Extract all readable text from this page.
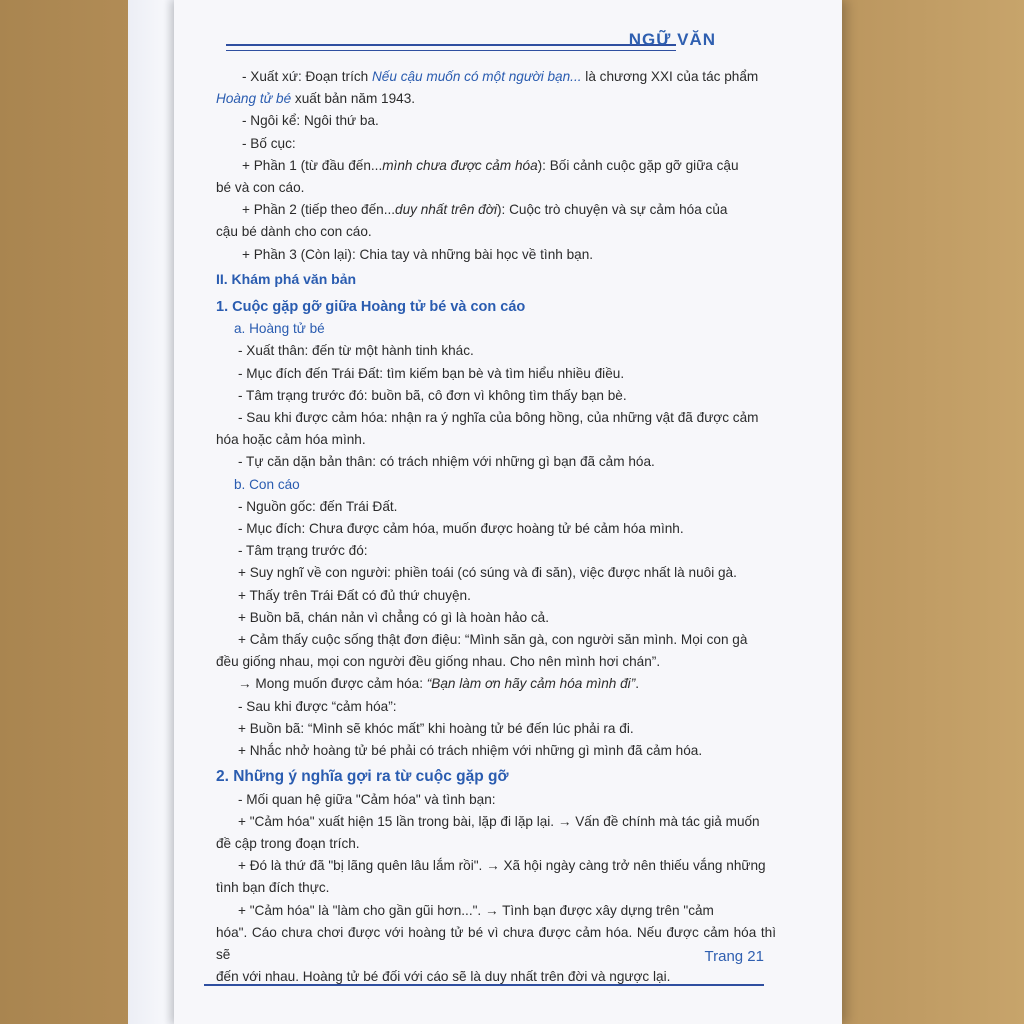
NGỮ VĂN

- Xuất xứ: Đoạn trích Nếu cậu muốn có một người bạn... là chương XXI của tác phẩm

Hoàng tử bé xuất bản năm 1943.

- Ngôi kể: Ngôi thứ ba.

- Bố cục:

+ Phần 1 (từ đầu đến...mình chưa được cảm hóa): Bối cảnh cuộc gặp gỡ giữa cậu

bé và con cáo.

+ Phần 2 (tiếp theo đến...duy nhất trên đời): Cuộc trò chuyện và sự cảm hóa của

cậu bé dành cho con cáo.

+ Phần 3 (Còn lại): Chia tay và những bài học về tình bạn.

II. Khám phá văn bản

1. Cuộc gặp gỡ giữa Hoàng tử bé và con cáo

a. Hoàng tử bé

- Xuất thân: đến từ một hành tinh khác.

- Mục đích đến Trái Đất: tìm kiếm bạn bè và tìm hiểu nhiều điều.

- Tâm trạng trước đó: buồn bã, cô đơn vì không tìm thấy bạn bè.

- Sau khi được cảm hóa: nhận ra ý nghĩa của bông hồng, của những vật đã được cảm

hóa hoặc cảm hóa mình.

- Tự căn dặn bản thân: có trách nhiệm với những gì bạn đã cảm hóa.

b. Con cáo

- Nguồn gốc: đến Trái Đất.

- Mục đích: Chưa được cảm hóa, muốn được hoàng tử bé cảm hóa mình.

- Tâm trạng trước đó:

+ Suy nghĩ về con người: phiền toái (có súng và đi săn), việc được nhất là nuôi gà.

+ Thấy trên Trái Đất có đủ thứ chuyện.

+ Buồn bã, chán nản vì chẳng có gì là hoàn hảo cả.

+ Cảm thấy cuộc sống thật đơn điệu: “Mình săn gà, con người săn mình. Mọi con gà

đều giống nhau, mọi con người đều giống nhau. Cho nên mình hơi chán”.

→ Mong muốn được cảm hóa: “Bạn làm ơn hãy cảm hóa mình đi”.

- Sau khi được “cảm hóa”:

+ Buồn bã: “Mình sẽ khóc mất” khi hoàng tử bé đến lúc phải ra đi.

+ Nhắc nhở hoàng tử bé phải có trách nhiệm với những gì mình đã cảm hóa.

2. Những ý nghĩa gợi ra từ cuộc gặp gỡ

- Mối quan hệ giữa "Cảm hóa" và tình bạn:

+ "Cảm hóa" xuất hiện 15 lần trong bài, lặp đi lặp lại. → Vấn đề chính mà tác giả muốn

đề cập trong đoạn trích.

+ Đó là thứ đã "bị lãng quên lâu lắm rồi". → Xã hội ngày càng trở nên thiếu vắng những

tình bạn đích thực.

+ "Cảm hóa" là "làm cho gần gũi hơn...". → Tình bạn được xây dựng trên "cảm

hóa". Cáo chưa chơi được với hoàng tử bé vì chưa được cảm hóa. Nếu được cảm hóa thì sẽ

đến với nhau. Hoàng tử bé đối với cáo sẽ là duy nhất trên đời và ngược lại.

Trang 21
